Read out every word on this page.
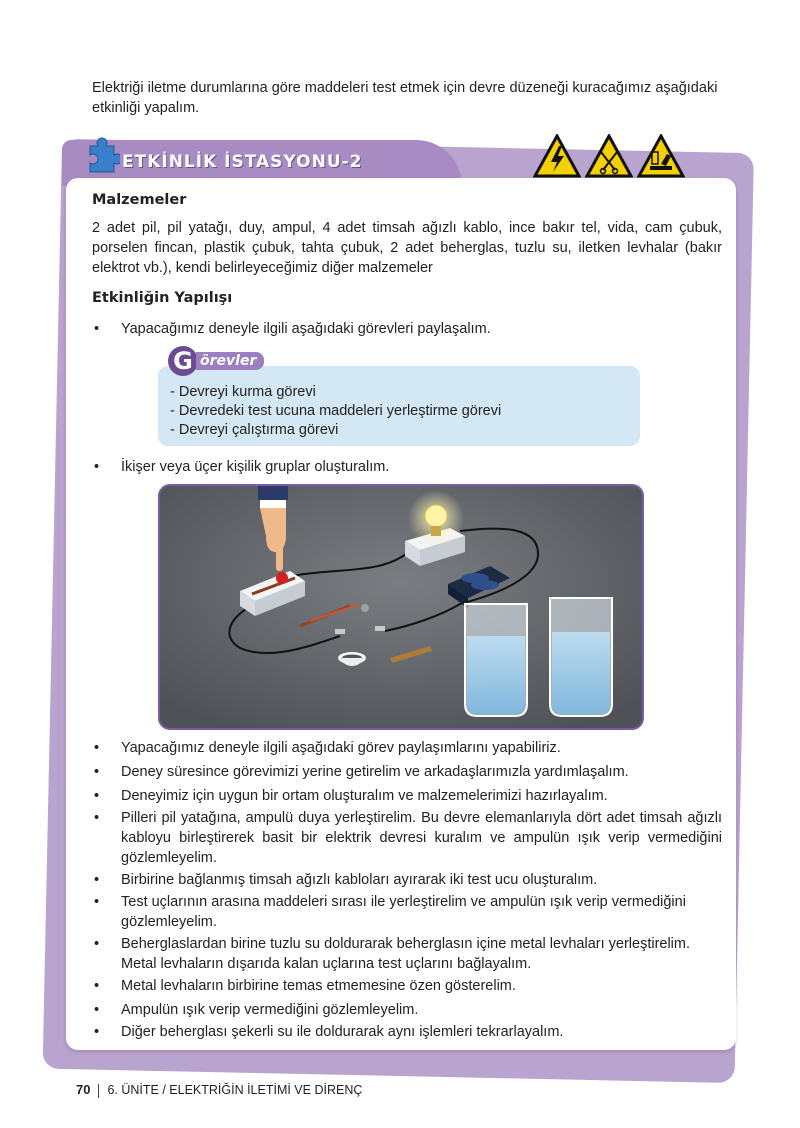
Elektriği iletme durumlarına göre maddeleri test etmek için devre düzeneği kuracağımız aşağıdaki etkinliği yapalım.
ETKİNLİK İSTASYONU-2
Malzemeler
2 adet pil, pil yatağı, duy, ampul, 4 adet timsah ağızlı kablo, ince bakır tel, vida, cam çubuk, porselen fincan, plastik çubuk, tahta çubuk, 2 adet beherglas, tuzlu su, iletken levhalar (bakır elektrot vb.), kendi belirleyeceğimiz diğer malzemeler
Etkinliğin Yapılışı
•	Yapacağımız deneyle ilgili aşağıdaki görevleri paylaşalım.
G örevler
- Devreyi kurma görevi
- Devredeki test ucuna maddeleri yerleştirme görevi
- Devreyi çalıştırma görevi
•	İkişer veya üçer kişilik gruplar oluşturalım.
•	Yapacağımız deneyle ilgili aşağıdaki görev paylaşımlarını yapabiliriz.
•	Deney süresince görevimizi yerine getirelim ve arkadaşlarımızla yardımlaşalım.
•	Deneyimiz için uygun bir ortam oluşturalım ve malzemelerimizi hazırlayalım.
•	Pilleri pil yatağına, ampulü duya yerleştirelim. Bu devre elemanlarıyla dört adet timsah ağızlı kabloyu birleştirerek basit bir elektrik devresi kuralım ve ampulün ışık verip vermediğini gözlemleyelim.
•	Birbirine bağlanmış timsah ağızlı kabloları ayırarak iki test ucu oluşturalım.
•	Test uçlarının arasına maddeleri sırası ile yerleştirelim ve ampulün ışık verip vermediğini gözlemleyelim.
•	Beherglaslardan birine tuzlu su doldurarak beherglasın içine metal levhaları yerleştirelim. Metal levhaların dışarıda kalan uçlarına test uçlarını bağlayalım.
•	Metal levhaların birbirine temas etmemesine özen gösterelim.
•	Ampulün ışık verip vermediğini gözlemleyelim.
•	Diğer beherglası şekerli su ile doldurarak aynı işlemleri tekrarlayalım.
70 6. ÜNİTE / ELEKTRİĞİN İLETİMİ VE DİRENÇ
